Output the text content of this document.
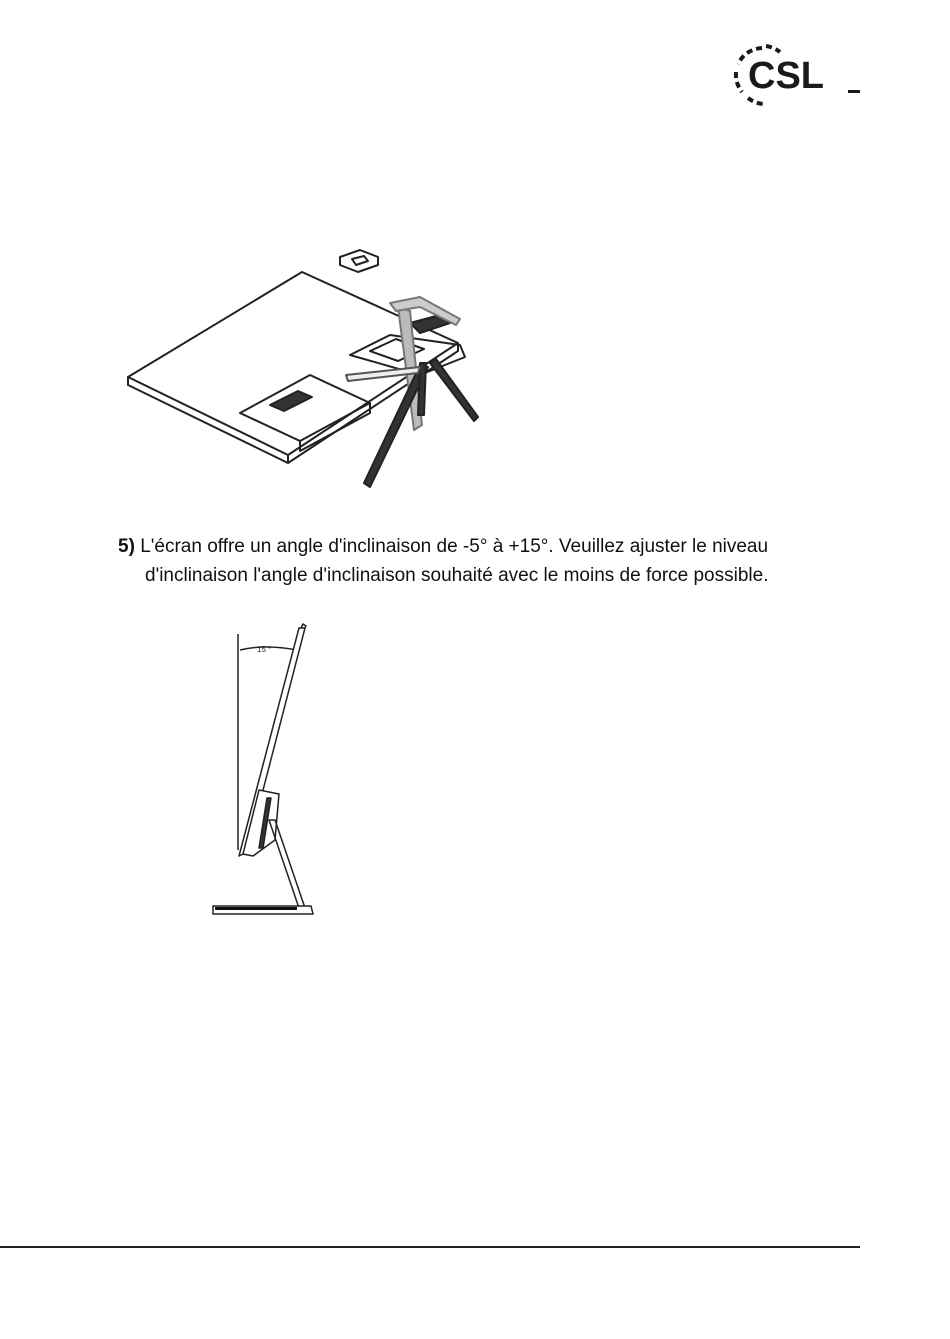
CSL
5) L'écran offre un angle d'inclinaison de -5° à +15°. Veuillez ajuster le niveau
d'inclinaison l'angle d'inclinaison souhaité avec le moins de force possible.
15 °
